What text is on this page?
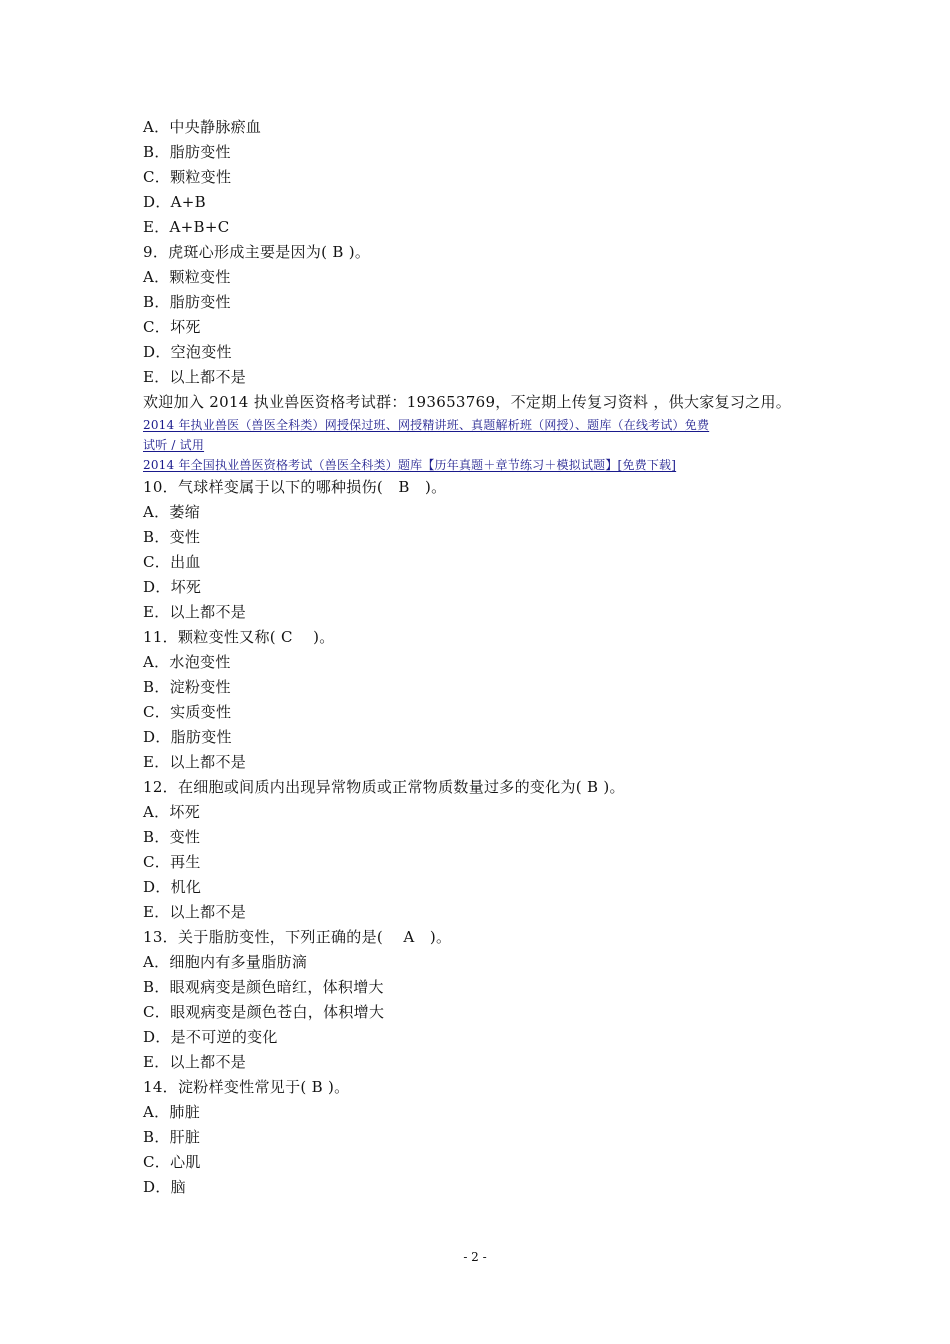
A．中央静脉瘀血
B．脂肪变性
C．颗粒变性
D．A+B
E．A+B+C
9．虎斑心形成主要是因为( B )。
A．颗粒变性
B．脂肪变性
C．坏死
D．空泡变性
E．以上都不是
欢迎加入 2014 执业兽医资格考试群：193653769，不定期上传复习资料 ，供大家复习之用。
2014 年执业兽医（兽医全科类）网授保过班、网授精讲班、真题解析班（网授）、题库（在线考试）免费
试听 / 试用
2014 年全国执业兽医资格考试（兽医全科类）题库【历年真题＋章节练习＋模拟试题】[免费下载]
10．气球样变属于以下的哪种损伤(　B　)。
A．萎缩
B．变性
C．出血
D．坏死
E．以上都不是
11．颗粒变性又称( C　 )。
A．水泡变性
B．淀粉变性
C．实质变性
D．脂肪变性
E．以上都不是
12．在细胞或间质内出现异常物质或正常物质数量过多的变化为( B )。
A．坏死
B．变性
C．再生
D．机化
E．以上都不是
13．关于脂肪变性，下列正确的是(　 A　)。
A．细胞内有多量脂肪滴
B．眼观病变是颜色暗红，体积增大
C．眼观病变是颜色苍白，体积增大
D．是不可逆的变化
E．以上都不是
14．淀粉样变性常见于( B )。
A．肺脏
B．肝脏
C．心肌
D．脑
- 2 -
